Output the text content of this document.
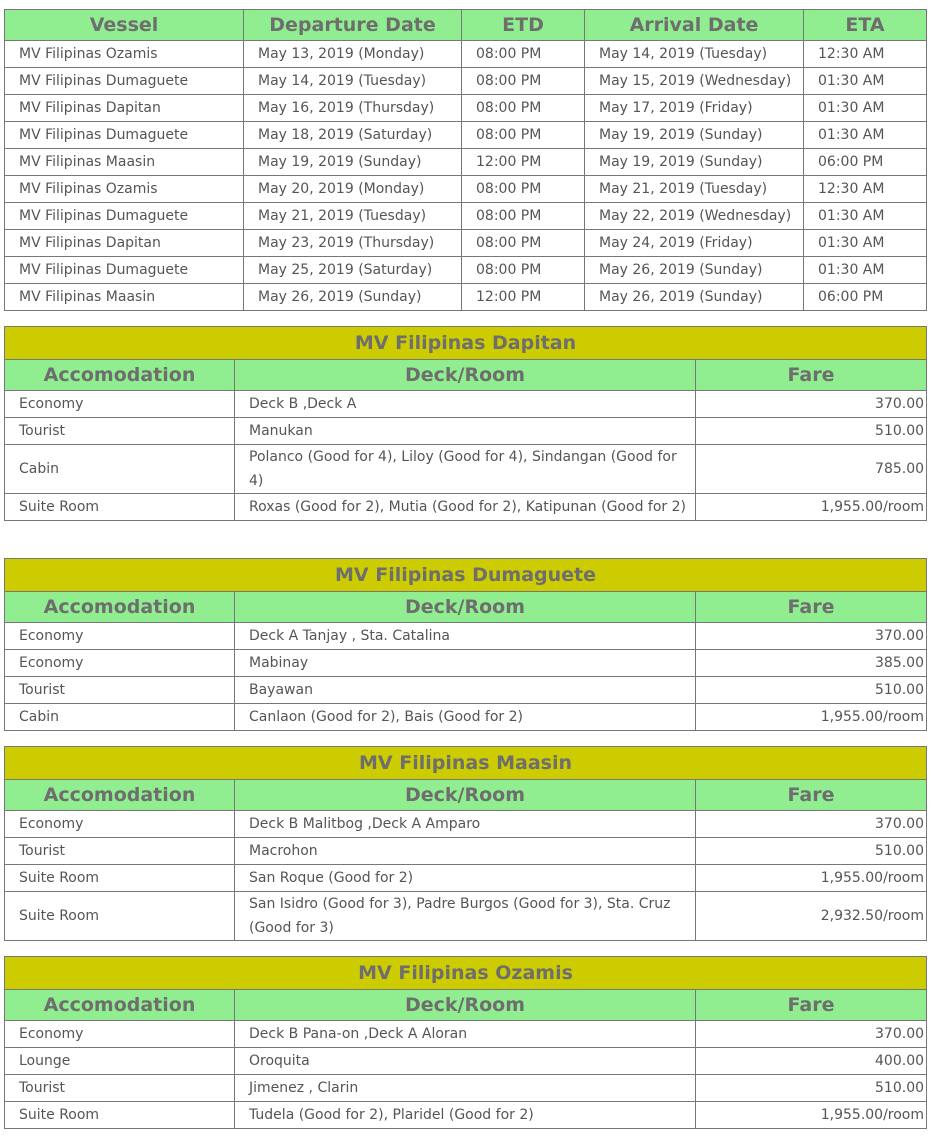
Vessel	Departure Date	ETD	Arrival Date	ETA
MV Filipinas Ozamis	May 13, 2019 (Monday)	08:00 PM	May 14, 2019 (Tuesday)	12:30 AM
MV Filipinas Dumaguete	May 14, 2019 (Tuesday)	08:00 PM	May 15, 2019 (Wednesday)	01:30 AM
MV Filipinas Dapitan	May 16, 2019 (Thursday)	08:00 PM	May 17, 2019 (Friday)	01:30 AM
MV Filipinas Dumaguete	May 18, 2019 (Saturday)	08:00 PM	May 19, 2019 (Sunday)	01:30 AM
MV Filipinas Maasin	May 19, 2019 (Sunday)	12:00 PM	May 19, 2019 (Sunday)	06:00 PM
MV Filipinas Ozamis	May 20, 2019 (Monday)	08:00 PM	May 21, 2019 (Tuesday)	12:30 AM
MV Filipinas Dumaguete	May 21, 2019 (Tuesday)	08:00 PM	May 22, 2019 (Wednesday)	01:30 AM
MV Filipinas Dapitan	May 23, 2019 (Thursday)	08:00 PM	May 24, 2019 (Friday)	01:30 AM
MV Filipinas Dumaguete	May 25, 2019 (Saturday)	08:00 PM	May 26, 2019 (Sunday)	01:30 AM
MV Filipinas Maasin	May 26, 2019 (Sunday)	12:00 PM	May 26, 2019 (Sunday)	06:00 PM
MV Filipinas Dapitan		
Accomodation	Deck/Room	Fare
Economy	Deck B ,Deck A	370.00
Tourist	Manukan	510.00
Cabin	Polanco (Good for 4), Liloy (Good for 4), Sindangan (Good for 4)	785.00
Suite Room	Roxas (Good for 2), Mutia (Good for 2), Katipunan (Good for 2)	1,955.00/room
MV Filipinas Dumaguete		
Accomodation	Deck/Room	Fare
Economy	Deck A Tanjay , Sta. Catalina	370.00
Economy	Mabinay	385.00
Tourist	Bayawan	510.00
Cabin	Canlaon (Good for 2), Bais (Good for 2)	1,955.00/room
MV Filipinas Maasin		
Accomodation	Deck/Room	Fare
Economy	Deck B Malitbog ,Deck A Amparo	370.00
Tourist	Macrohon	510.00
Suite Room	San Roque (Good for 2)	1,955.00/room
Suite Room	San Isidro (Good for 3), Padre Burgos (Good for 3), Sta. Cruz (Good for 3)	2,932.50/room
MV Filipinas Ozamis		
Accomodation	Deck/Room	Fare
Economy	Deck B Pana-on ,Deck A Aloran	370.00
Lounge	Oroquita	400.00
Tourist	Jimenez , Clarin	510.00
Suite Room	Tudela (Good for 2), Plaridel (Good for 2)	1,955.00/room
